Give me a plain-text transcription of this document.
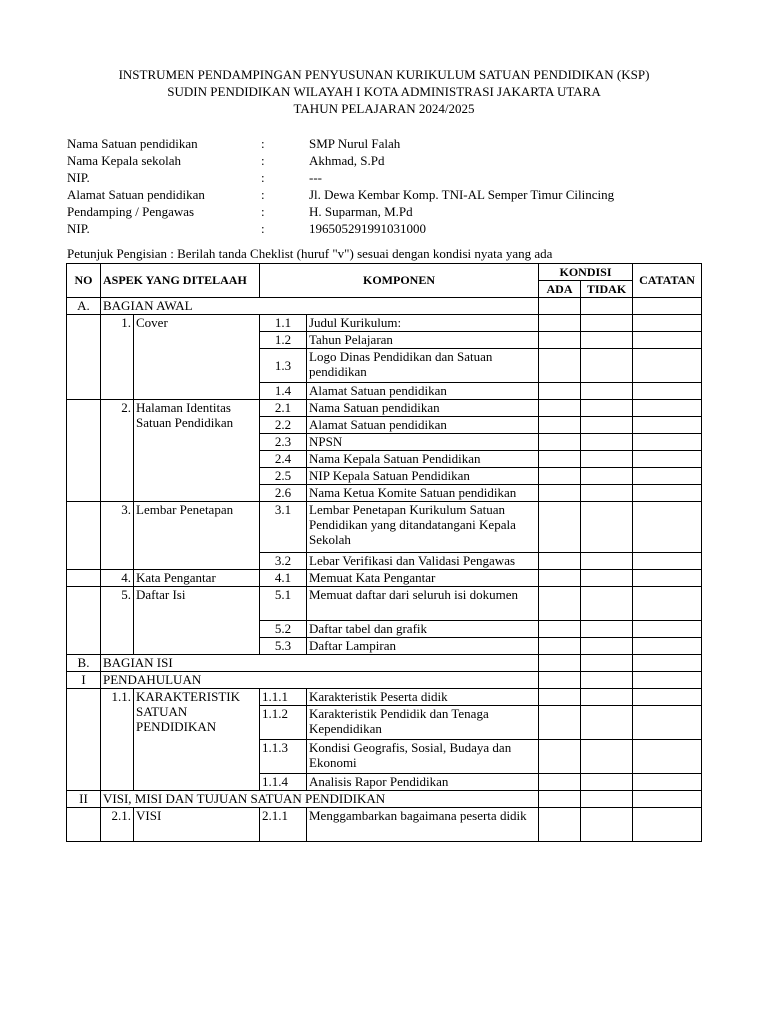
INSTRUMEN PENDAMPINGAN PENYUSUNAN KURIKULUM SATUAN PENDIDIKAN (KSP)
SUDIN PENDIDIKAN WILAYAH I KOTA ADMINISTRASI JAKARTA UTARA
TAHUN PELAJARAN 2024/2025
Nama Satuan pendidikan	:	SMP Nurul Falah
Nama Kepala sekolah	:	Akhmad, S.Pd
NIP.	:	---
Alamat Satuan pendidikan	:	Jl. Dewa Kembar Komp. TNI-AL Semper Timur Cilincing
Pendamping / Pengawas	:	H. Suparman, M.Pd
NIP.	:	196505291991031000
Petunjuk Pengisian : Berilah tanda Cheklist (huruf "v") sesuai dengan kondisi nyata yang ada
NO	ASPEK YANG DITELAAH		KOMPONEN		KONDISI		CATATAN
					ADA	TIDAK	
A.	BAGIAN AWAL						
	1.	Cover	1.1	Judul Kurikulum:			
			1.2	Tahun Pelajaran			
			1.3	Logo Dinas Pendidikan dan Satuan pendidikan			
			1.4	Alamat Satuan pendidikan			
	2.	Halaman Identitas Satuan Pendidikan	2.1	Nama Satuan pendidikan			
			2.2	Alamat Satuan pendidikan			
			2.3	NPSN			
			2.4	Nama Kepala Satuan Pendidikan			
			2.5	NIP Kepala Satuan Pendidikan			
			2.6	Nama Ketua Komite Satuan pendidikan			
	3.	Lembar Penetapan	3.1	Lembar Penetapan Kurikulum Satuan Pendidikan yang ditandatangani Kepala Sekolah			
			3.2	Lebar Verifikasi dan Validasi Pengawas			
	4.	Kata Pengantar	4.1	Memuat Kata Pengantar			
	5.	Daftar Isi	5.1	Memuat daftar dari seluruh isi dokumen			
			5.2	Daftar tabel dan grafik			
			5.3	Daftar Lampiran			
B.	BAGIAN ISI						
I	PENDAHULUAN						
	1.1.	KARAKTERISTIK SATUAN PENDIDIKAN	1.1.1	Karakteristik Peserta didik			
			1.1.2	Karakteristik Pendidik dan Tenaga Kependidikan			
			1.1.3	Kondisi Geografis, Sosial, Budaya dan Ekonomi			
			1.1.4	Analisis Rapor Pendidikan			
II	VISI, MISI DAN TUJUAN SATUAN PENDIDIKAN						
	2.1.	VISI	2.1.1	Menggambarkan bagaimana peserta didik			
